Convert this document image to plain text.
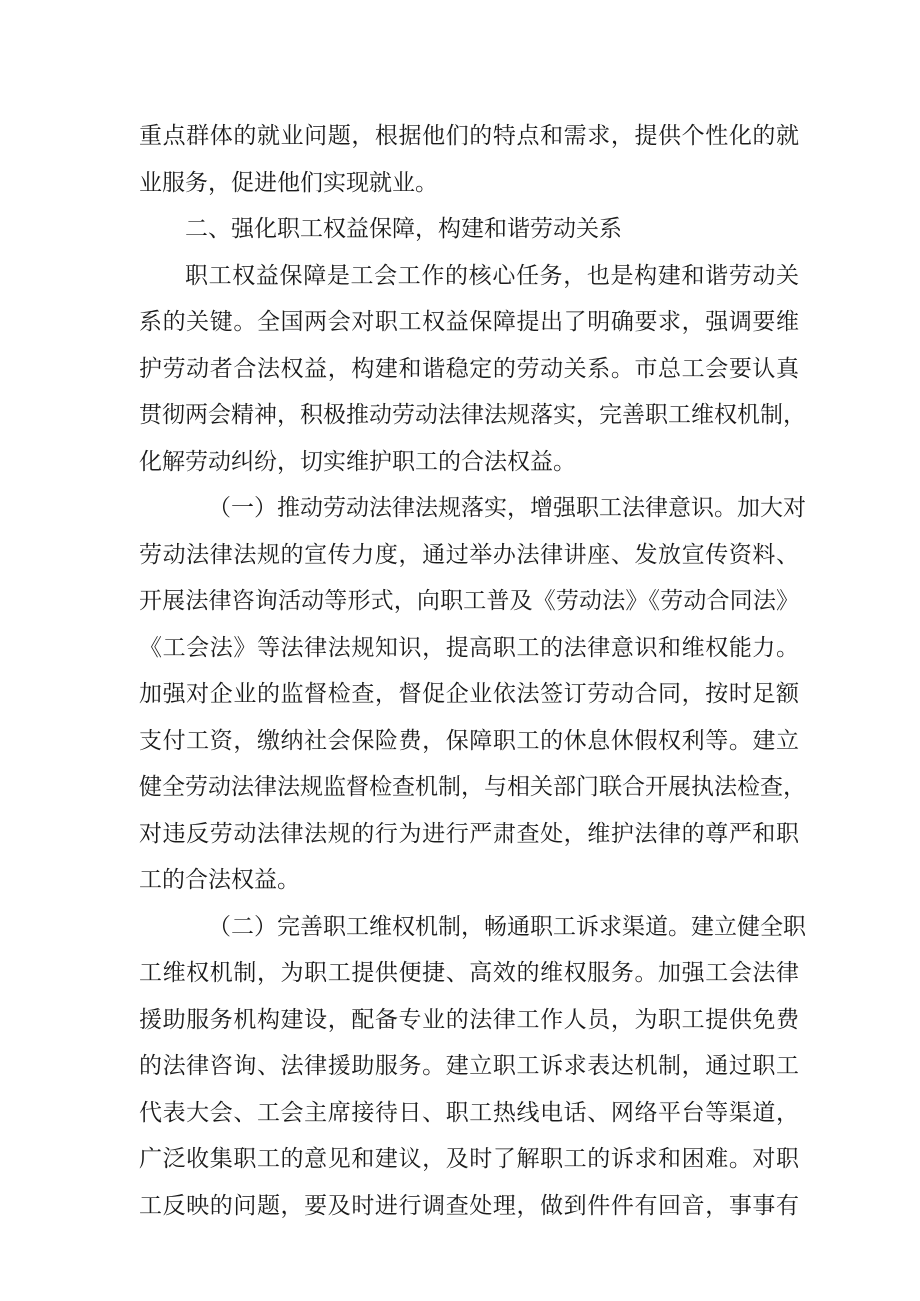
重点群体的就业问题，根据他们的特点和需求，提供个性化的就
业服务，促进他们实现就业。
二、强化职工权益保障，构建和谐劳动关系
职工权益保障是工会工作的核心任务，也是构建和谐劳动关
系的关键。全国两会对职工权益保障提出了明确要求，强调要维
护劳动者合法权益，构建和谐稳定的劳动关系。市总工会要认真
贯彻两会精神，积极推动劳动法律法规落实，完善职工维权机制，
化解劳动纠纷，切实维护职工的合法权益。
（一）推动劳动法律法规落实，增强职工法律意识。加大对
劳动法律法规的宣传力度，通过举办法律讲座、发放宣传资料、
开展法律咨询活动等形式，向职工普及《劳动法》《劳动合同法》
《工会法》等法律法规知识，提高职工的法律意识和维权能力。
加强对企业的监督检查，督促企业依法签订劳动合同，按时足额
支付工资，缴纳社会保险费，保障职工的休息休假权利等。建立
健全劳动法律法规监督检查机制，与相关部门联合开展执法检查，
对违反劳动法律法规的行为进行严肃查处，维护法律的尊严和职
工的合法权益。
（二）完善职工维权机制，畅通职工诉求渠道。建立健全职
工维权机制，为职工提供便捷、高效的维权服务。加强工会法律
援助服务机构建设，配备专业的法律工作人员，为职工提供免费
的法律咨询、法律援助服务。建立职工诉求表达机制，通过职工
代表大会、工会主席接待日、职工热线电话、网络平台等渠道，
广泛收集职工的意见和建议，及时了解职工的诉求和困难。对职
工反映的问题，要及时进行调查处理，做到件件有回音，事事有
